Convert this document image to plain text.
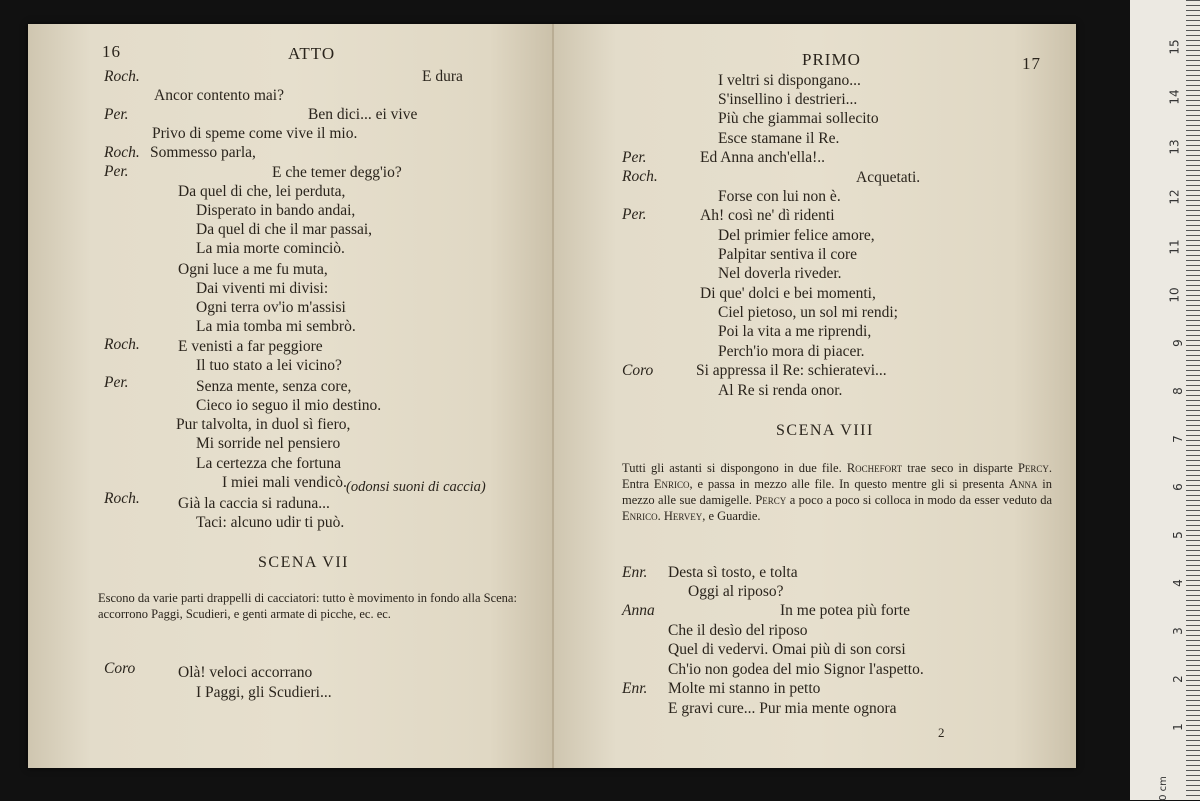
16	ATTO
Roch.	E dura
Ancor contento mai?
Per.	Ben dici... ei vive
Privo di speme come vive il mio.
Roch. Sommesso parla,
Per.	E che temer degg'io?
Da quel di che, lei perduta,
Disperato in bando andai,
Da quel di che il mar passai,
La mia morte cominciò.
Ogni luce a me fu muta,
Dai viventi mi divisi:
Ogni terra ov'io m'assisi
La mia tomba mi sembrò.
Roch. E venisti a far peggiore
Il tuo stato a lei vicino?
Per.	Senza mente, senza core,
Cieco io seguo il mio destino.
Pur talvolta, in duol sì fiero,
Mi sorride nel pensiero
La certezza che fortuna
I miei mali vendicò. (odonsi suoni di caccia)
Roch. Già la caccia si raduna...
Taci: alcuno udir ti può.
SCENA VII
Escono da varie parti drappelli di cacciatori: tutto è movimento in fondo alla Scena: accorrono Paggi, Scudieri, e genti armate di picche, ec. ec.
Coro	Olà! veloci accorrano
I Paggi, gli Scudieri...
PRIMO	17
I veltri si dispongano...
S'insellino i destrieri...
Più che giammai sollecito
Esce stamane il Re.
Per.	Ed Anna anch'ella!..
Roch.	Acquetati.
Forse con lui non è.
Per.	Ah! così ne' dì ridenti
Del primier felice amore,
Palpitar sentiva il core
Nel doverla riveder.
Di que' dolci e bei momenti,
Ciel pietoso, un sol mi rendi;
Poi la vita a me riprendi,
Perch'io mora di piacer.
Coro	Si appressa il Re: schieratevi...
Al Re si renda onor.
SCENA VIII
Tutti gli astanti si dispongono in due file. Rochefort trae seco in disparte Percy. Entra Enrico, e passa in mezzo alle file. In questo mentre gli si presenta Anna in mezzo alle sue damigelle. Percy a poco a poco si colloca in modo da esser veduto da Enrico. Hervey, e Guardie.
Enr. Desta sì tosto, e tolta
Oggi al riposo?
Anna	In me potea più forte
Che il desìo del riposo
Quel di vedervi. Omai più di son corsi
Ch'io non godea del mio Signor l'aspetto.
Enr. Molte mi stanno in petto
E gravi cure... Pur mia mente ognora
2
15
14
13
12
11
10
9
8
7
6
5
4
3
2
1
0 cm
